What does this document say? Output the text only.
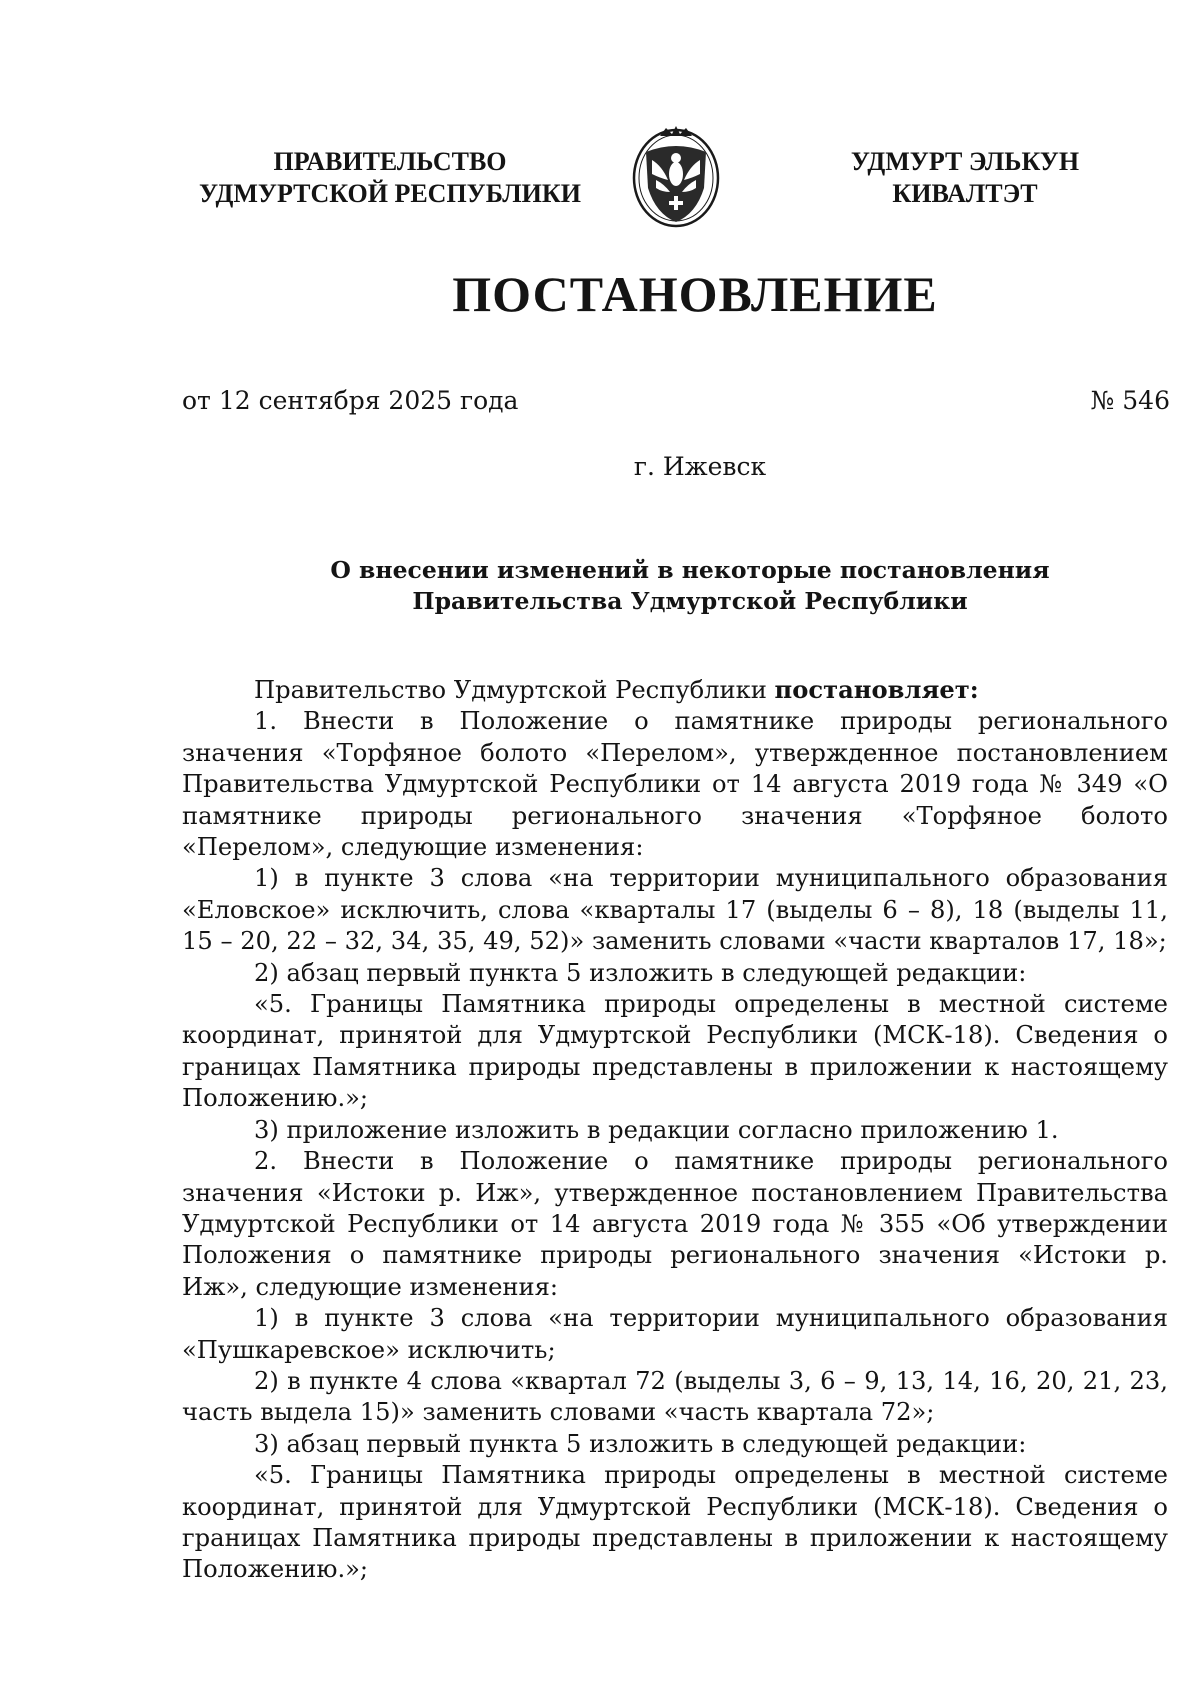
ПРАВИТЕЛЬСТВО
УДМУРТСКОЙ РЕСПУБЛИКИ
УДМУРТ ЭЛЬКУН
КИВАЛТЭТ
ПОСТАНОВЛЕНИЕ
от 12 сентября 2025 года	№ 546
г. Ижевск
О внесении изменений в некоторые постановления
Правительства Удмуртской Республики

Правительство Удмуртской Республики постановляет:

1. Внести в Положение о памятнике природы регионального значения «Торфяное болото «Перелом», утвержденное постановлением Правительства Удмуртской Республики от 14 августа 2019 года № 349 «О памятнике природы регионального значения «Торфяное болото «Перелом», следующие изменения:

1) в пункте 3 слова «на территории муниципального образования «Еловское» исключить, слова «кварталы 17 (выделы 6 – 8), 18 (выделы 11, 15 – 20, 22 – 32, 34, 35, 49, 52)» заменить словами «части кварталов 17, 18»;

2) абзац первый пункта 5 изложить в следующей редакции:

«5. Границы Памятника природы определены в местной системе координат, принятой для Удмуртской Республики (МСК-18). Сведения о границах Памятника природы представлены в приложении к настоящему Положению.»;

3) приложение изложить в редакции согласно приложению 1.

2. Внести в Положение о памятнике природы регионального значения «Истоки р. Иж», утвержденное постановлением Правительства Удмуртской Республики от 14 августа 2019 года № 355 «Об утверждении Положения о памятнике природы регионального значения «Истоки р. Иж», следующие изменения:

1) в пункте 3 слова «на территории муниципального образования «Пушкаревское» исключить;

2) в пункте 4 слова «квартал 72 (выделы 3, 6 – 9, 13, 14, 16, 20, 21, 23, часть выдела 15)» заменить словами «часть квартала 72»;

3) абзац первый пункта 5 изложить в следующей редакции:

«5. Границы Памятника природы определены в местной системе координат, принятой для Удмуртской Республики (МСК-18). Сведения о границах Памятника природы представлены в приложении к настоящему Положению.»;
